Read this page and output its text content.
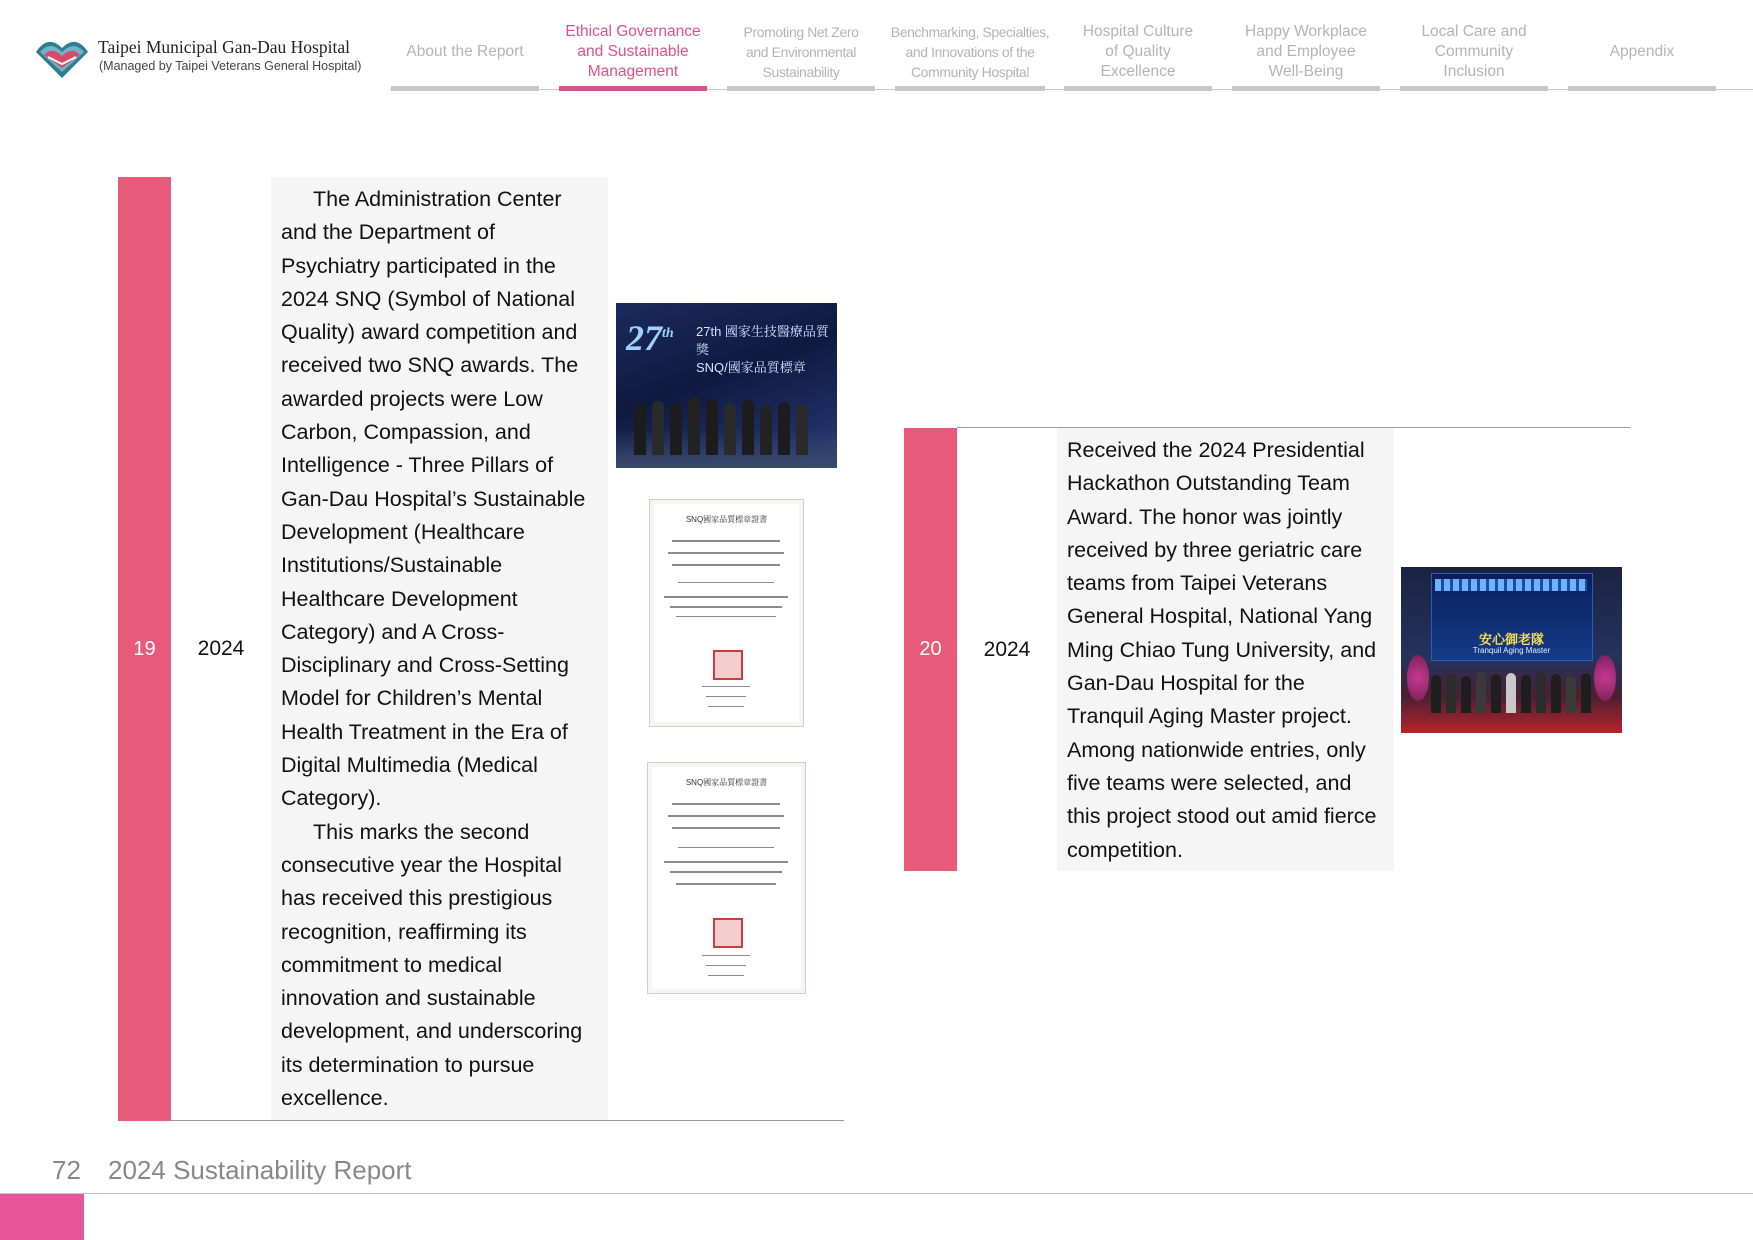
Taipei Municipal Gan-Dau Hospital
(Managed by Taipei Veterans General Hospital)
About the Report
Ethical Governance
and Sustainable
Management
Promoting Net Zero
and Environmental
Sustainability
Benchmarking, Specialties,
and Innovations of the
Community Hospital
Hospital Culture
of Quality
Excellence
Happy Workplace
and Employee
Well-Being
Local Care and
Community
Inclusion
Appendix
19	2024

The Administration Center and the Department of Psychiatry participated in the 2024 SNQ (Symbol of National Quality) award competition and received two SNQ awards. The awarded projects were Low Carbon, Compassion, and Intelligence - Three Pillars of Gan-Dau Hospital’s Sustainable Development (Healthcare Institutions/Sustainable Healthcare Development Category) and A Cross-Disciplinary and Cross-Setting Model for Children’s Mental Health Treatment in the Era of Digital Multimedia (Medical Category).

This marks the second consecutive year the Hospital has received this prestigious recognition, reaffirming its commitment to medical innovation and sustainable development, and underscoring its determination to pursue excellence.

27th 27th 國家生技醫療品質獎
SNQ/國家品質標章
SNQ國家品質標章證書
SNQ國家品質標章證書
20	2024

Received the 2024 Presidential Hackathon Outstanding Team Award. The honor was jointly received by three geriatric care teams from Taipei Veterans General Hospital, National Yang Ming Chiao Tung University, and Gan-Dau Hospital for the Tranquil Aging Master project. Among nationwide entries, only five teams were selected, and this project stood out amid fierce competition.

安心御老隊
Tranquil Aging Master
72 2024 Sustainability Report
